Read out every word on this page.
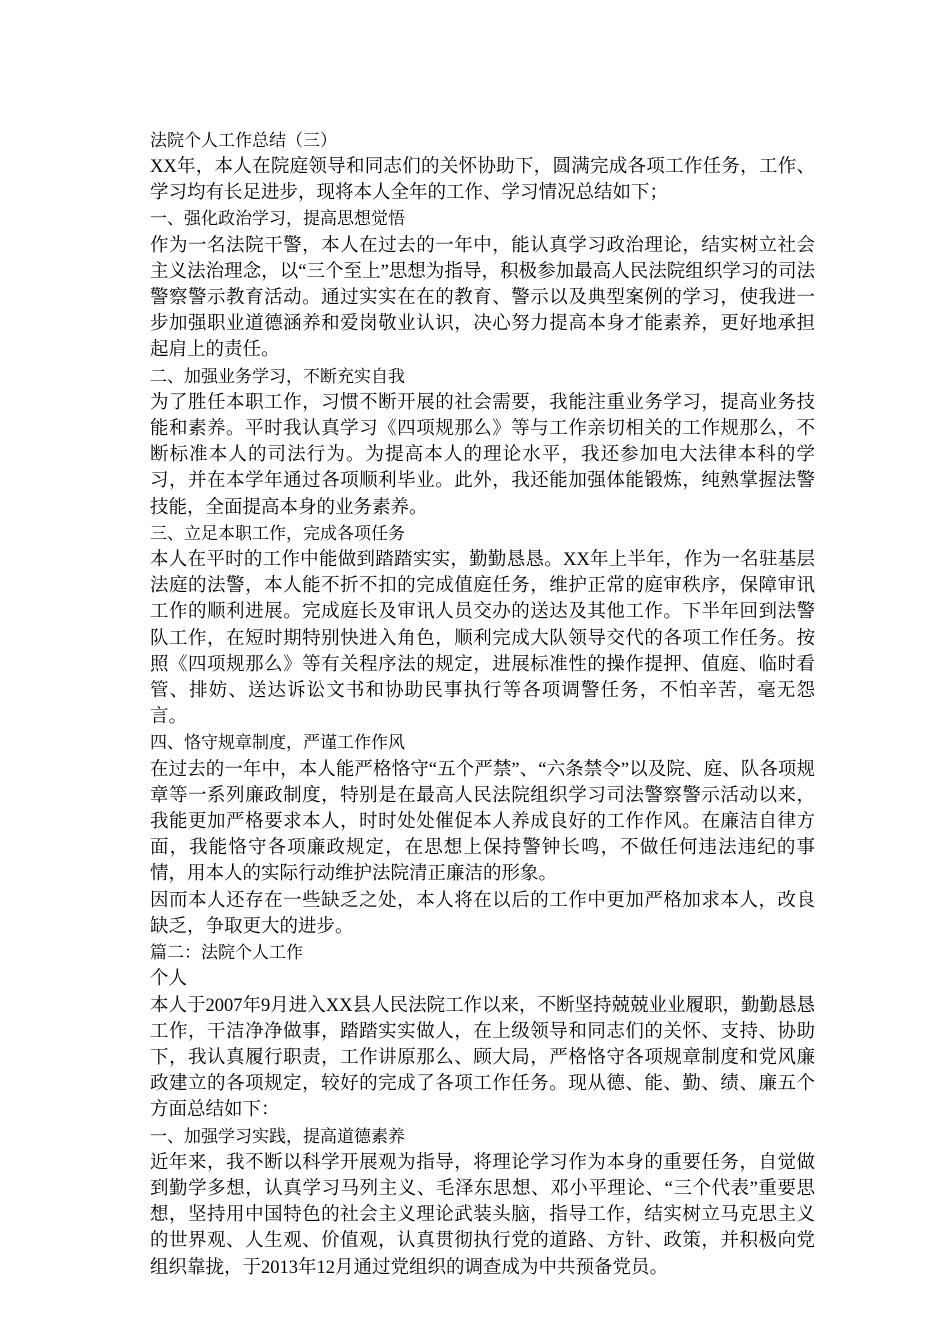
法院个人工作总结（三）

XX年，本人在院庭领导和同志们的关怀协助下，圆满完成各项工作任务，工作、学习均有长足进步，现将本人全年的工作、学习情况总结如下；

一、强化政治学习，提高思想觉悟

作为一名法院干警，本人在过去的一年中，能认真学习政治理论，结实树立社会主义法治理念，以“三个至上”思想为指导，积极参加最高人民法院组织学习的司法警察警示教育活动。通过实实在在的教育、警示以及典型案例的学习，使我进一步加强职业道德涵养和爱岗敬业认识，决心努力提高本身才能素养，更好地承担起肩上的责任。

二、加强业务学习，不断充实自我

为了胜任本职工作，习惯不断开展的社会需要，我能注重业务学习，提高业务技能和素养。平时我认真学习《四项规那么》等与工作亲切相关的工作规那么，不断标准本人的司法行为。为提高本人的理论水平，我还参加电大法律本科的学习，并在本学年通过各项顺利毕业。此外，我还能加强体能锻炼，纯熟掌握法警技能，全面提高本身的业务素养。

三、立足本职工作，完成各项任务

本人在平时的工作中能做到踏踏实实，勤勤恳恳。XX年上半年，作为一名驻基层法庭的法警，本人能不折不扣的完成值庭任务，维护正常的庭审秩序，保障审讯工作的顺利进展。完成庭长及审讯人员交办的送达及其他工作。下半年回到法警队工作，在短时期特别快进入角色，顺利完成大队领导交代的各项工作任务。按照《四项规那么》等有关程序法的规定，进展标准性的操作提押、值庭、临时看管、排妨、送达诉讼文书和协助民事执行等各项调警任务，不怕辛苦，毫无怨言。

四、恪守规章制度，严谨工作作风

在过去的一年中，本人能严格恪守“五个严禁”、“六条禁令”以及院、庭、队各项规章等一系列廉政制度，特别是在最高人民法院组织学习司法警察警示活动以来，我能更加严格要求本人，时时处处催促本人养成良好的工作作风。在廉洁自律方面，我能恪守各项廉政规定，在思想上保持警钟长鸣，不做任何违法违纪的事情，用本人的实际行动维护法院清正廉洁的形象。

因而本人还存在一些缺乏之处，本人将在以后的工作中更加严格加求本人，改良缺乏，争取更大的进步。

篇二：法院个人工作

个人

本人于2007年9月进入XX县人民法院工作以来，不断坚持兢兢业业履职，勤勤恳恳工作，干洁净净做事，踏踏实实做人，在上级领导和同志们的关怀、支持、协助下，我认真履行职责，工作讲原那么、顾大局，严格恪守各项规章制度和党风廉政建立的各项规定，较好的完成了各项工作任务。现从德、能、勤、绩、廉五个方面总结如下：

一、加强学习实践，提高道德素养

近年来，我不断以科学开展观为指导，将理论学习作为本身的重要任务，自觉做到勤学多想，认真学习马列主义、毛泽东思想、邓小平理论、“三个代表”重要思想，坚持用中国特色的社会主义理论武装头脑，指导工作，结实树立马克思主义的世界观、人生观、价值观，认真贯彻执行党的道路、方针、政策，并积极向党组织靠拢，于2013年12月通过党组织的调查成为中共预备党员。
